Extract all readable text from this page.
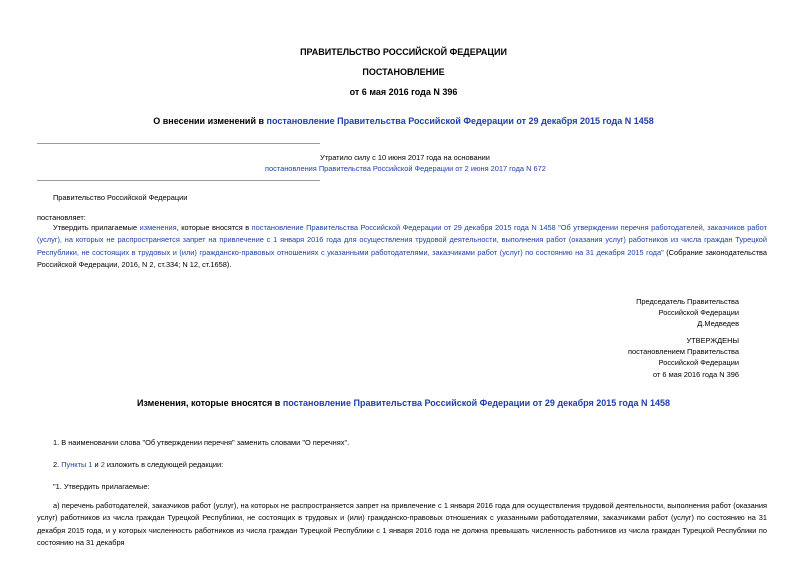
ПРАВИТЕЛЬСТВО РОССИЙСКОЙ ФЕДЕРАЦИИ
ПОСТАНОВЛЕНИЕ
от 6 мая 2016 года N 396
О внесении изменений в постановление Правительства Российской Федерации от 29 декабря 2015 года N 1458
Утратило силу с 10 июня 2017 года на основании
постановления Правительства Российской Федерации от 2 июня 2017 года N 672
Правительство Российской Федерации
постановляет:
Утвердить прилагаемые изменения, которые вносятся в постановление Правительства Российской Федерации от 29 декабря 2015 года N 1458 "Об утверждении перечня работодателей, заказчиков работ (услуг), на которых не распространяется запрет на привлечение с 1 января 2016 года для осуществления трудовой деятельности, выполнения работ (оказания услуг) работников из числа граждан Турецкой Республики, не состоящих в трудовых и (или) гражданско-правовых отношениях с указанными работодателями, заказчиками работ (услуг) по состоянию на 31 декабря 2015 года" (Собрание законодательства Российской Федерации, 2016, N 2, ст.334; N 12, ст.1658).
Председатель Правительства
Российской Федерации
Д.Медведев
УТВЕРЖДЕНЫ
постановлением Правительства
Российской Федерации
от 6 мая 2016 года N 396
Изменения, которые вносятся в постановление Правительства Российской Федерации от 29 декабря 2015 года N 1458
1. В наименовании слова "Об утверждении перечня" заменить словами "О перечнях".
2. Пункты 1 и 2 изложить в следующей редакции:
"1. Утвердить прилагаемые:
а) перечень работодателей, заказчиков работ (услуг), на которых не распространяется запрет на привлечение с 1 января 2016 года для осуществления трудовой деятельности, выполнения работ (оказания услуг) работников из числа граждан Турецкой Республики, не состоящих в трудовых и (или) гражданско-правовых отношениях с указанными работодателями, заказчиками работ (услуг) по состоянию на 31 декабря 2015 года, и у которых численность работников из числа граждан Турецкой Республики с 1 января 2016 года не должна превышать численность работников из числа граждан Турецкой Республики по состоянию на 31 декабря
